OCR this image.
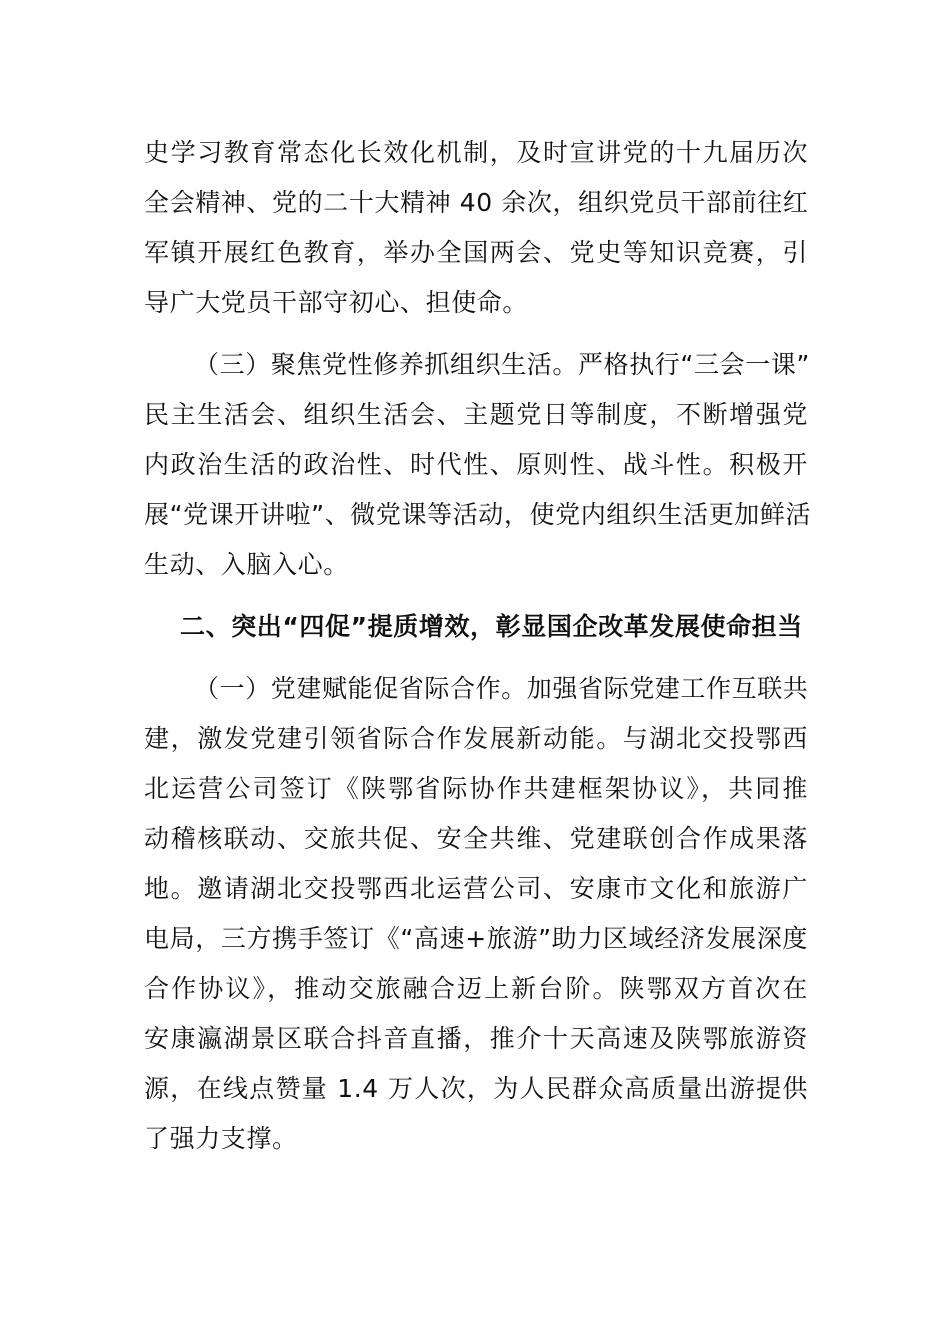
史学习教育常态化长效化机制，及时宣讲党的十九届历次
全会精神、党的二十大精神 40 余次，组织党员干部前往红
军镇开展红色教育，举办全国两会、党史等知识竞赛，引
导广大党员干部守初心、担使命。
（三）聚焦党性修养抓组织生活。严格执行“三会一课”
民主生活会、组织生活会、主题党日等制度，不断增强党
内政治生活的政治性、时代性、原则性、战斗性。积极开
展“党课开讲啦”、微党课等活动，使党内组织生活更加鲜活
生动、入脑入心。
二、突出“四促”提质增效，彰显国企改革发展使命担当
（一）党建赋能促省际合作。加强省际党建工作互联共
建，激发党建引领省际合作发展新动能。与湖北交投鄂西
北运营公司签订《陕鄂省际协作共建框架协议》，共同推
动稽核联动、交旅共促、安全共维、党建联创合作成果落
地。邀请湖北交投鄂西北运营公司、安康市文化和旅游广
电局，三方携手签订《“高速+旅游”助力区域经济发展深度
合作协议》，推动交旅融合迈上新台阶。陕鄂双方首次在
安康瀛湖景区联合抖音直播，推介十天高速及陕鄂旅游资
源，在线点赞量 1.4 万人次，为人民群众高质量出游提供
了强力支撑。
